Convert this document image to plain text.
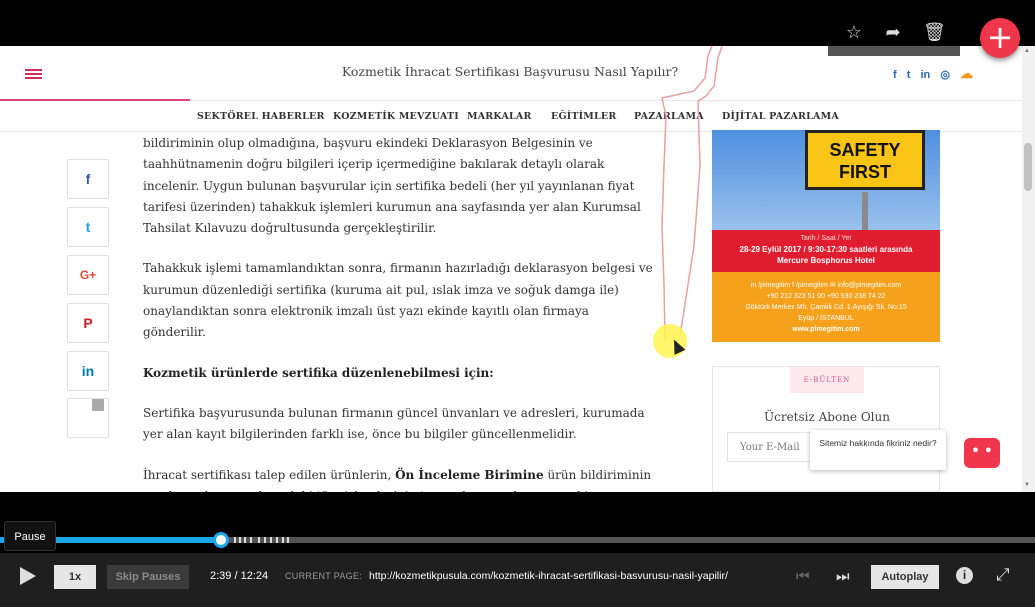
☆ ➦ 🗑
Kozmetik İhracat Sertifikası Başvurusu Nasıl Yapılır?	f t in ◎ ☁
SEKTÖREL HABERLER KOZMETİK MEVZUATI MARKALAR EĞİTİMLER PAZARLAMA DİJİTAL PAZARLAMA
f
t
G+
P
in

bildiriminin olup olmadığına, başvuru ekindeki Deklarasyon Belgesinin ve taahhütnamenin doğru bilgileri içerip içermediğine bakılarak detaylı olarak incelenir. Uygun bulunan başvurular için sertifika bedeli (her yıl yayınlanan fiyat tarifesi üzerinden) tahakkuk işlemleri kurumun ana sayfasında yer alan Kurumsal Tahsilat Kılavuzu doğrultusunda gerçekleştirilir.

Tahakkuk işlemi tamamlandıktan sonra, firmanın hazırladığı deklarasyon belgesi ve kurumun düzenlediği sertifika (kuruma ait pul, ıslak imza ve soğuk damga ile) onaylandıktan sonra elektronik imzalı üst yazı ekinde kayıtlı olan firmaya gönderilir.

Kozmetik ürünlerde sertifika düzenlenebilmesi için:

Sertifika başvurusunda bulunan firmanın güncel ünvanları ve adresleri, kurumada yer alan kayıt bilgilerinden farklı ise, önce bu bilgiler güncellenmelidir.

İhracat sertifikası talep edilen ürünlerin, Ön İnceleme Birimine ürün bildiriminin

SAFETY
FIRST
Tarih / Saat / Yer
28-29 Eylül 2017 / 9:30-17:30 saatleri arasında
Mercure Bosphorus Hotel
in /pimegitim f /pimegitim ✉ info@pimegitim.com
+90 212 323 51 00 +90 530 238 74 22
Göktürk Merkez Mh. Çamlık Cd. 1.Ayışığı Sk. No:15
Eyüp / İSTANBUL
www.pimegitim.com
E-BÜLTEN
Ücretsiz Abone Olun
Your E-Mail
Sitemiz hakkında fikriniz nedir?
• •
▲
▼
+
Pause
1x	Skip Pauses	2:39 / 12:24 CURRENT PAGE: http://kozmetikpusula.com/kozmetik-ihracat-sertifikasi-basvurusu-nasil-yapilir/	⏮ ⏭	Autoplay	i	⤢
